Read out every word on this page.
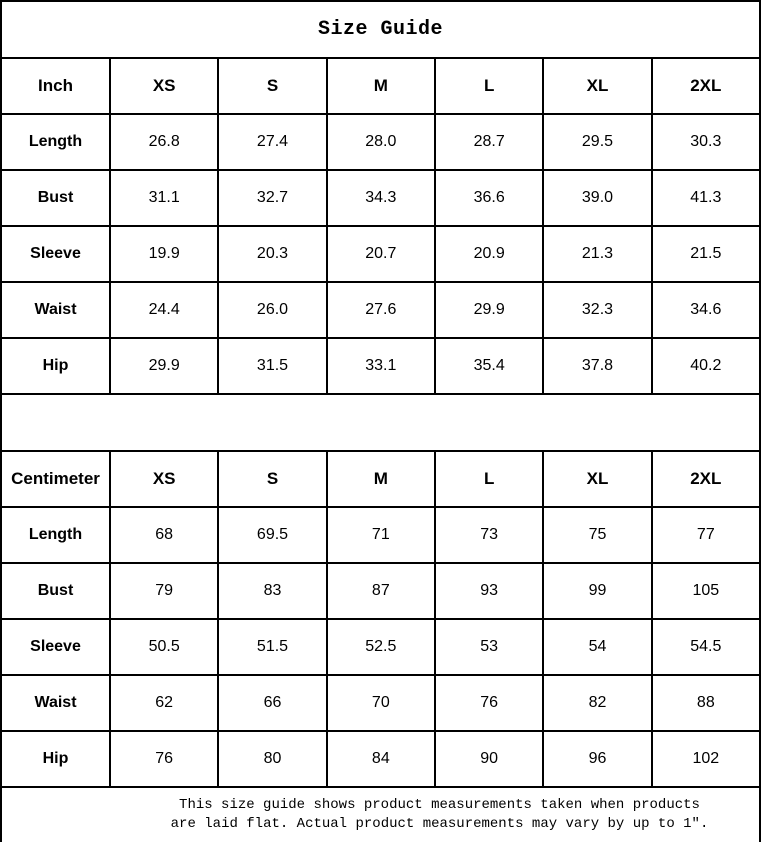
Size Guide						
Inch	XS	S	M	L	XL	2XL
Length	26.8	27.4	28.0	28.7	29.5	30.3
Bust	31.1	32.7	34.3	36.6	39.0	41.3
Sleeve	19.9	20.3	20.7	20.9	21.3	21.5
Waist	24.4	26.0	27.6	29.9	32.3	34.6
Hip	29.9	31.5	33.1	35.4	37.8	40.2

Centimeter	XS	S	M	L	XL	2XL
Length	68	69.5	71	73	75	77
Bust	79	83	87	93	99	105
Sleeve	50.5	51.5	52.5	53	54	54.5
Waist	62	66	70	76	82	88
Hip	76	80	84	90	96	102

This size guide shows product measurements taken when products
are laid flat. Actual product measurements may vary by up to 1″.						
